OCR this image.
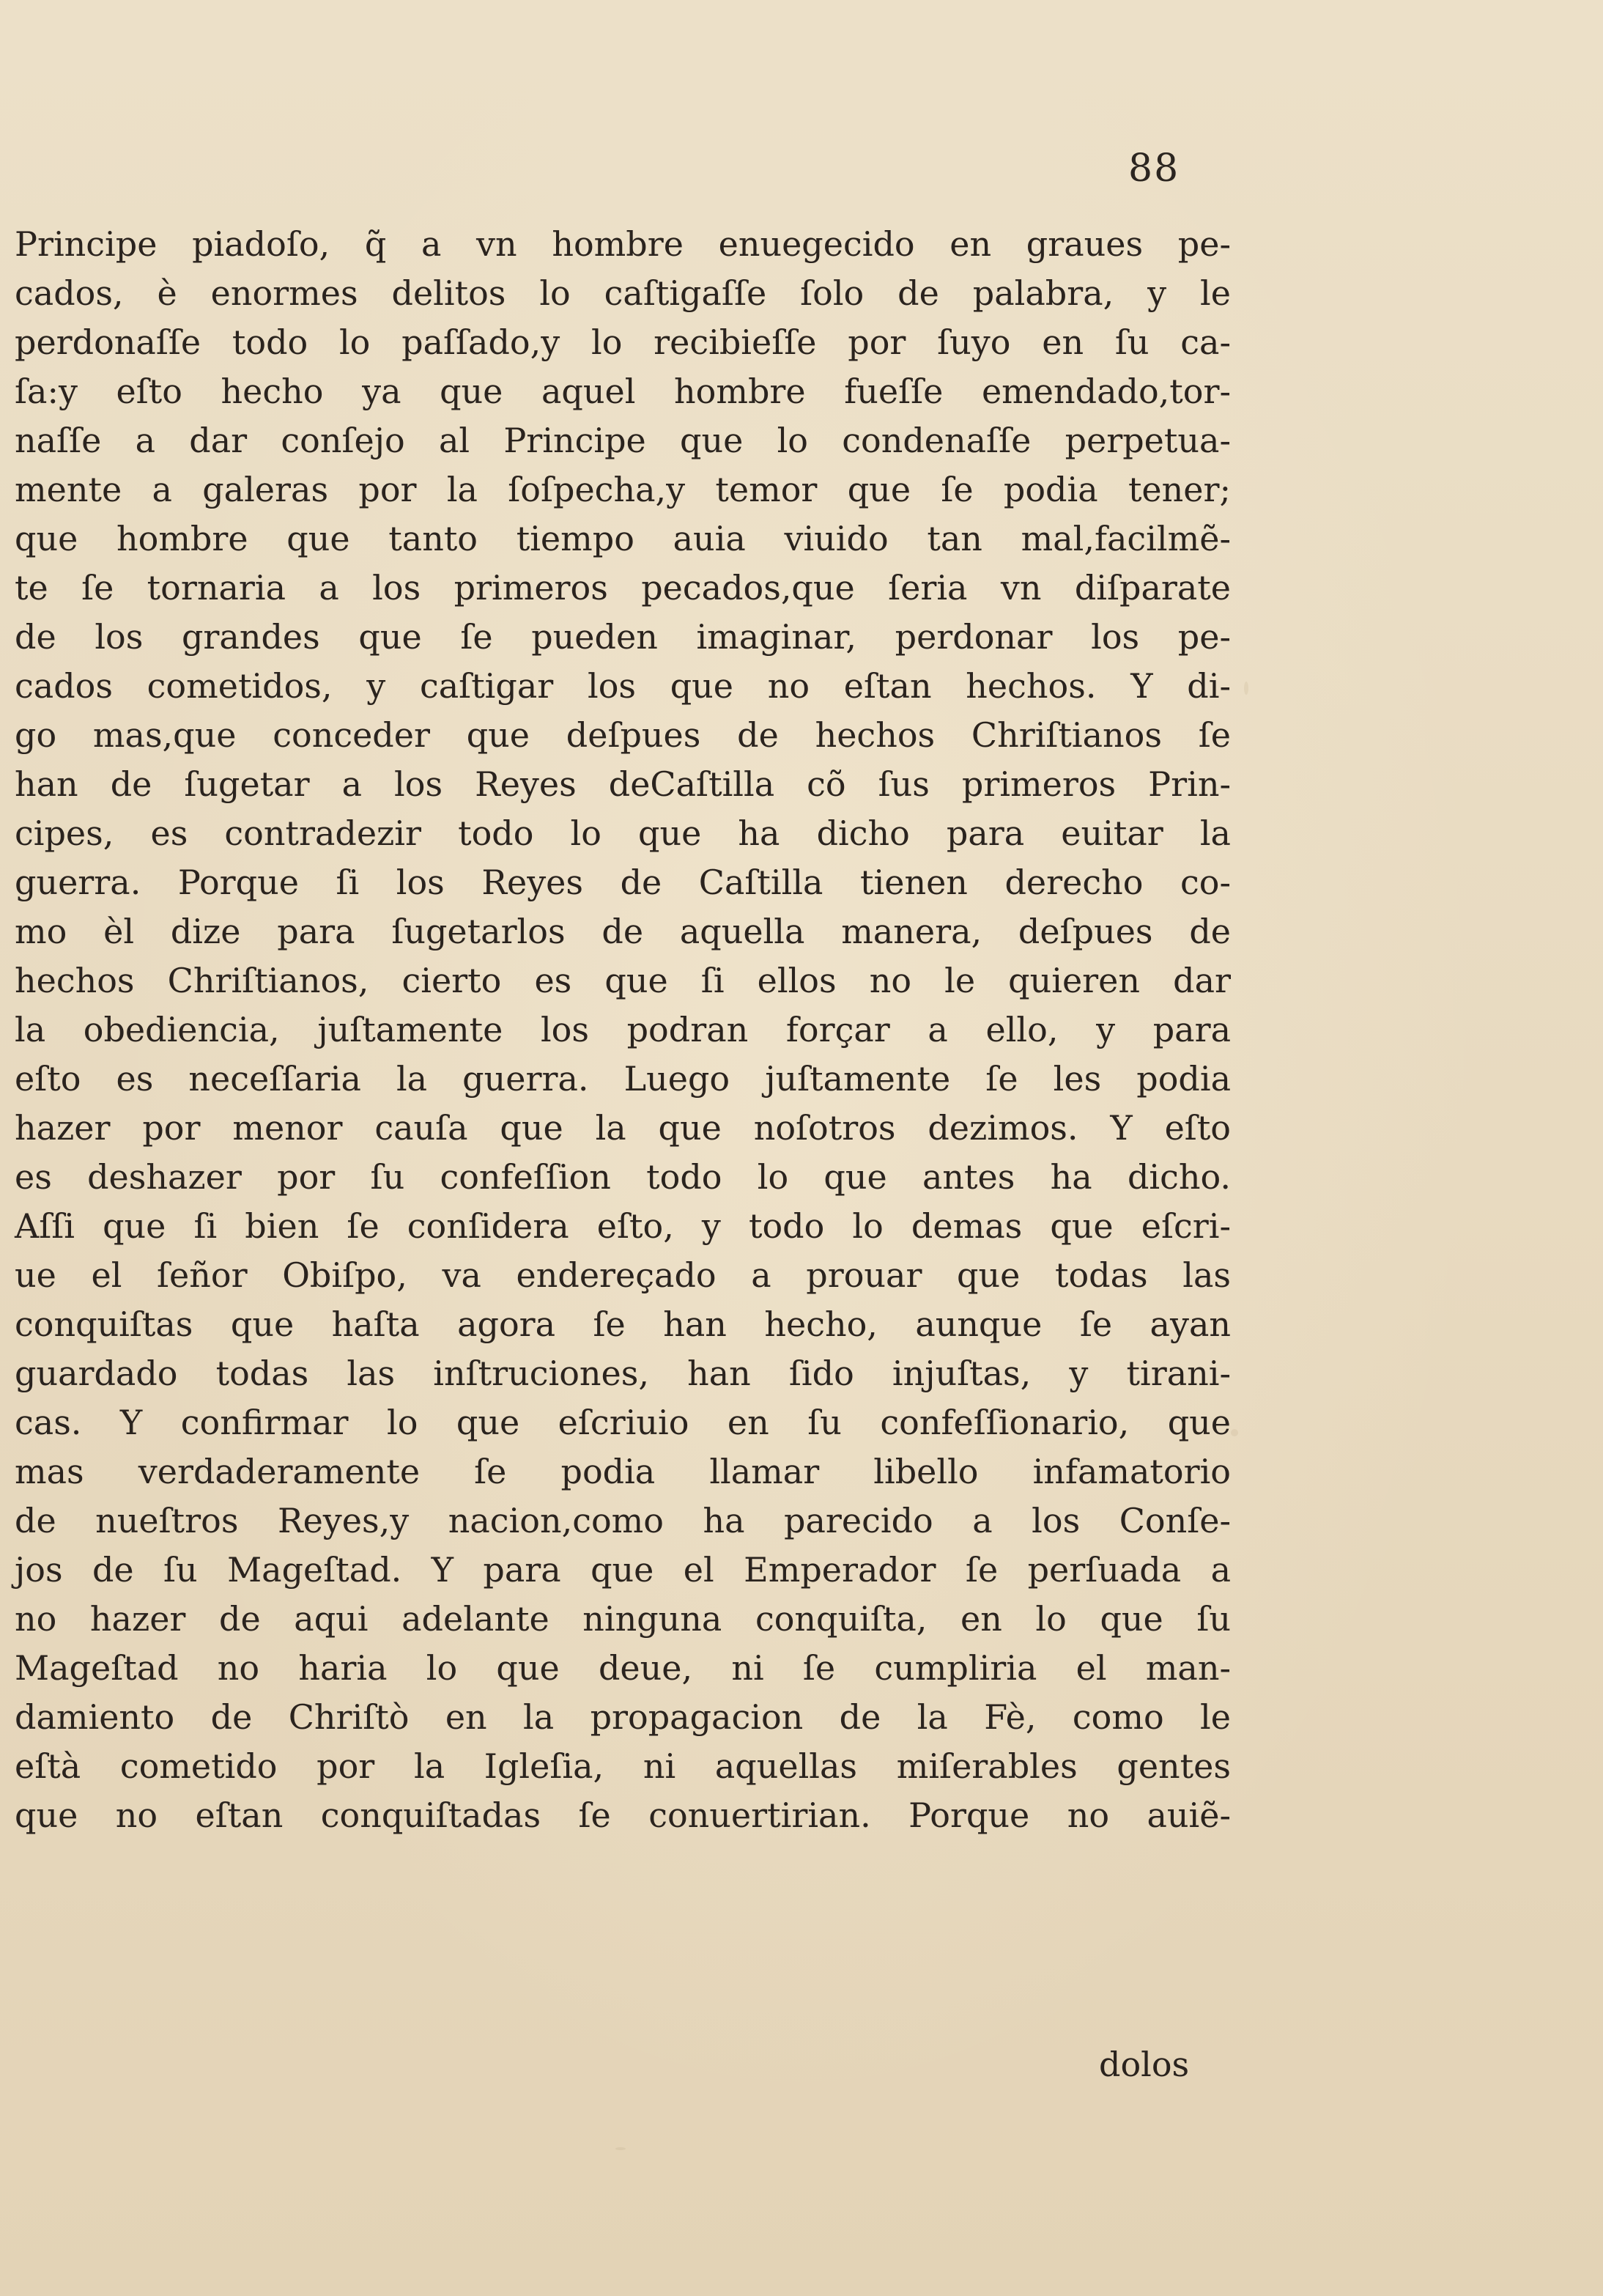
88
Principe piadoſo, q̃ a vn hombre enuegecido en graues pe-
cados, è enormes delitos lo caſtigaſſe ſolo de palabra, y le
perdonaſſe todo lo paſſado,y lo recibieſſe por ſuyo en ſu ca-
ſa:y eſto hecho ya que aquel hombre fueſſe emendado,tor-
naſſe a dar conſejo al Principe que lo condenaſſe perpetua-
mente a galeras por la ſoſpecha,y temor que ſe podia tener;
que hombre que tanto tiempo auia viuido tan mal,facilmẽ-
te ſe tornaria a los primeros pecados,que ſeria vn diſparate
de los grandes que ſe pueden imaginar, perdonar los pe-
cados cometidos, y caſtigar los que no eſtan hechos. Y di-
go mas,que conceder que deſpues de hechos Chriſtianos ſe
han de ſugetar a los Reyes deCaſtilla cõ ſus primeros Prin-
cipes, es contradezir todo lo que ha dicho para euitar la
guerra. Porque ſi los Reyes de Caſtilla tienen derecho co-
mo èl dize para ſugetarlos de aquella manera, deſpues de
hechos Chriſtianos, cierto es que ſi ellos no le quieren dar
la obediencia, juſtamente los podran forçar a ello, y para
eſto es neceſſaria la guerra. Luego juſtamente ſe les podia
hazer por menor cauſa que la que noſotros dezimos. Y eſto
es deshazer por ſu confeſſion todo lo que antes ha dicho.
Aſſi que ſi bien ſe conſidera eſto, y todo lo demas que eſcri-
ue el ſeñor Obiſpo, va endereçado a prouar que todas las
conquiſtas que haſta agora ſe han hecho, aunque ſe ayan
guardado todas las inſtruciones, han ſido injuſtas, y tirani-
cas. Y confirmar lo que eſcriuio en ſu confeſſionario, que
mas verdaderamente ſe podia llamar libello infamatorio
de nueſtros Reyes,y nacion,como ha parecido a los Conſe-
jos de ſu Mageſtad. Y para que el Emperador ſe perſuada a
no hazer de aqui adelante ninguna conquiſta, en lo que ſu
Mageſtad no haria lo que deue, ni ſe cumpliria el man-
damiento de Chriſtò en la propagacion de la Fè, como le
eſtà cometido por la Igleſia, ni aquellas miſerables gentes
que no eſtan conquiſtadas ſe conuertirian. Porque no auiẽ-
dolos
